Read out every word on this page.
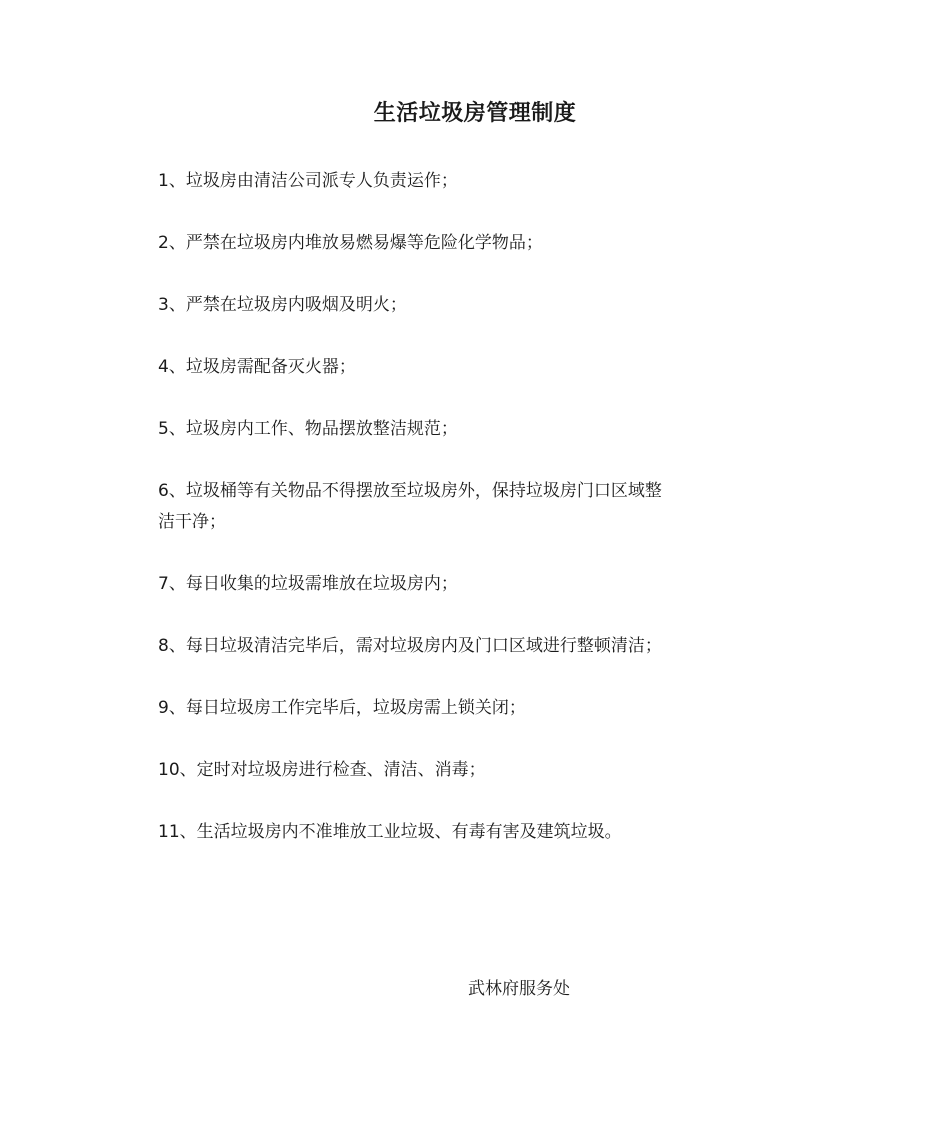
生活垃圾房管理制度

1、垃圾房由清洁公司派专人负责运作；

2、严禁在垃圾房内堆放易燃易爆等危险化学物品；

3、严禁在垃圾房内吸烟及明火；

4、垃圾房需配备灭火器；

5、垃圾房内工作、物品摆放整洁规范；

6、垃圾桶等有关物品不得摆放至垃圾房外，保持垃圾房门口区域整洁干净；

7、每日收集的垃圾需堆放在垃圾房内；

8、每日垃圾清洁完毕后，需对垃圾房内及门口区域进行整顿清洁；

9、每日垃圾房工作完毕后，垃圾房需上锁关闭；

10、定时对垃圾房进行检查、清洁、消毒；

11、生活垃圾房内不准堆放工业垃圾、有毒有害及建筑垃圾。

武林府服务处
